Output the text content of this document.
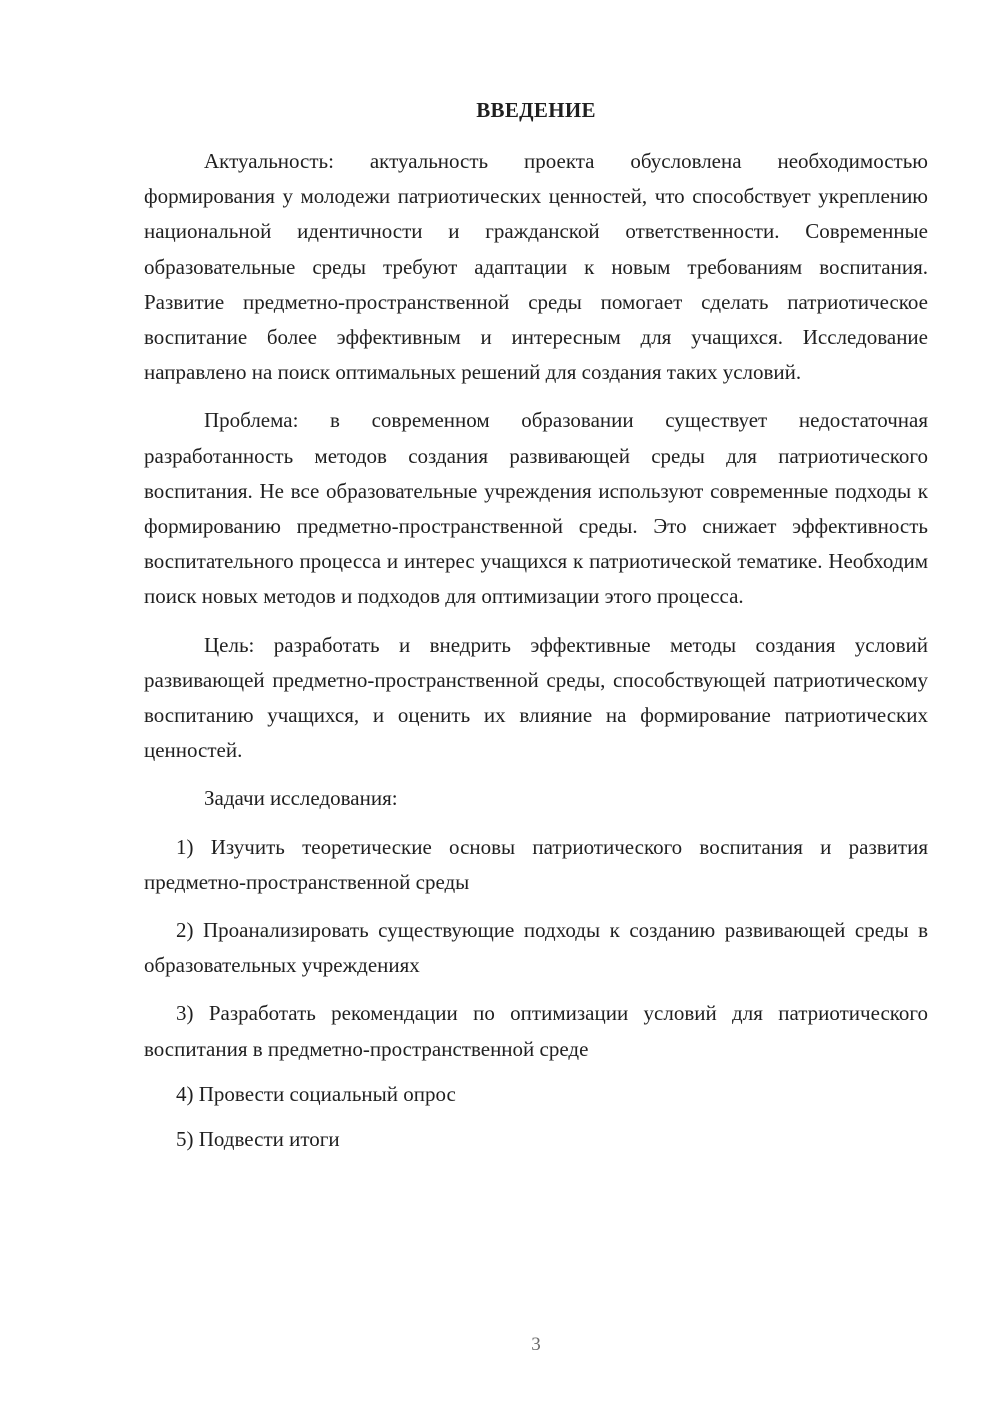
ВВЕДЕНИЕ

Актуальность: актуальность проекта обусловлена необходимостью формирования у молодежи патриотических ценностей, что способствует укреплению национальной идентичности и гражданской ответственности. Современные образовательные среды требуют адаптации к новым требованиям воспитания. Развитие предметно-пространственной среды помогает сделать патриотическое воспитание более эффективным и интересным для учащихся. Исследование направлено на поиск оптимальных решений для создания таких условий.

Проблема: в современном образовании существует недостаточная разработанность методов создания развивающей среды для патриотического воспитания. Не все образовательные учреждения используют современные подходы к формированию предметно-пространственной среды. Это снижает эффективность воспитательного процесса и интерес учащихся к патриотической тематике. Необходим поиск новых методов и подходов для оптимизации этого процесса.

Цель: разработать и внедрить эффективные методы создания условий развивающей предметно-пространственной среды, способствующей патриотическому воспитанию учащихся, и оценить их влияние на формирование патриотических ценностей.

Задачи исследования:

1) Изучить теоретические основы патриотического воспитания и развития предметно-пространственной среды

2) Проанализировать существующие подходы к созданию развивающей среды в образовательных учреждениях

3) Разработать рекомендации по оптимизации условий для патриотического воспитания в предметно-пространственной среде

4) Провести социальный опрос

5) Подвести итоги

3
